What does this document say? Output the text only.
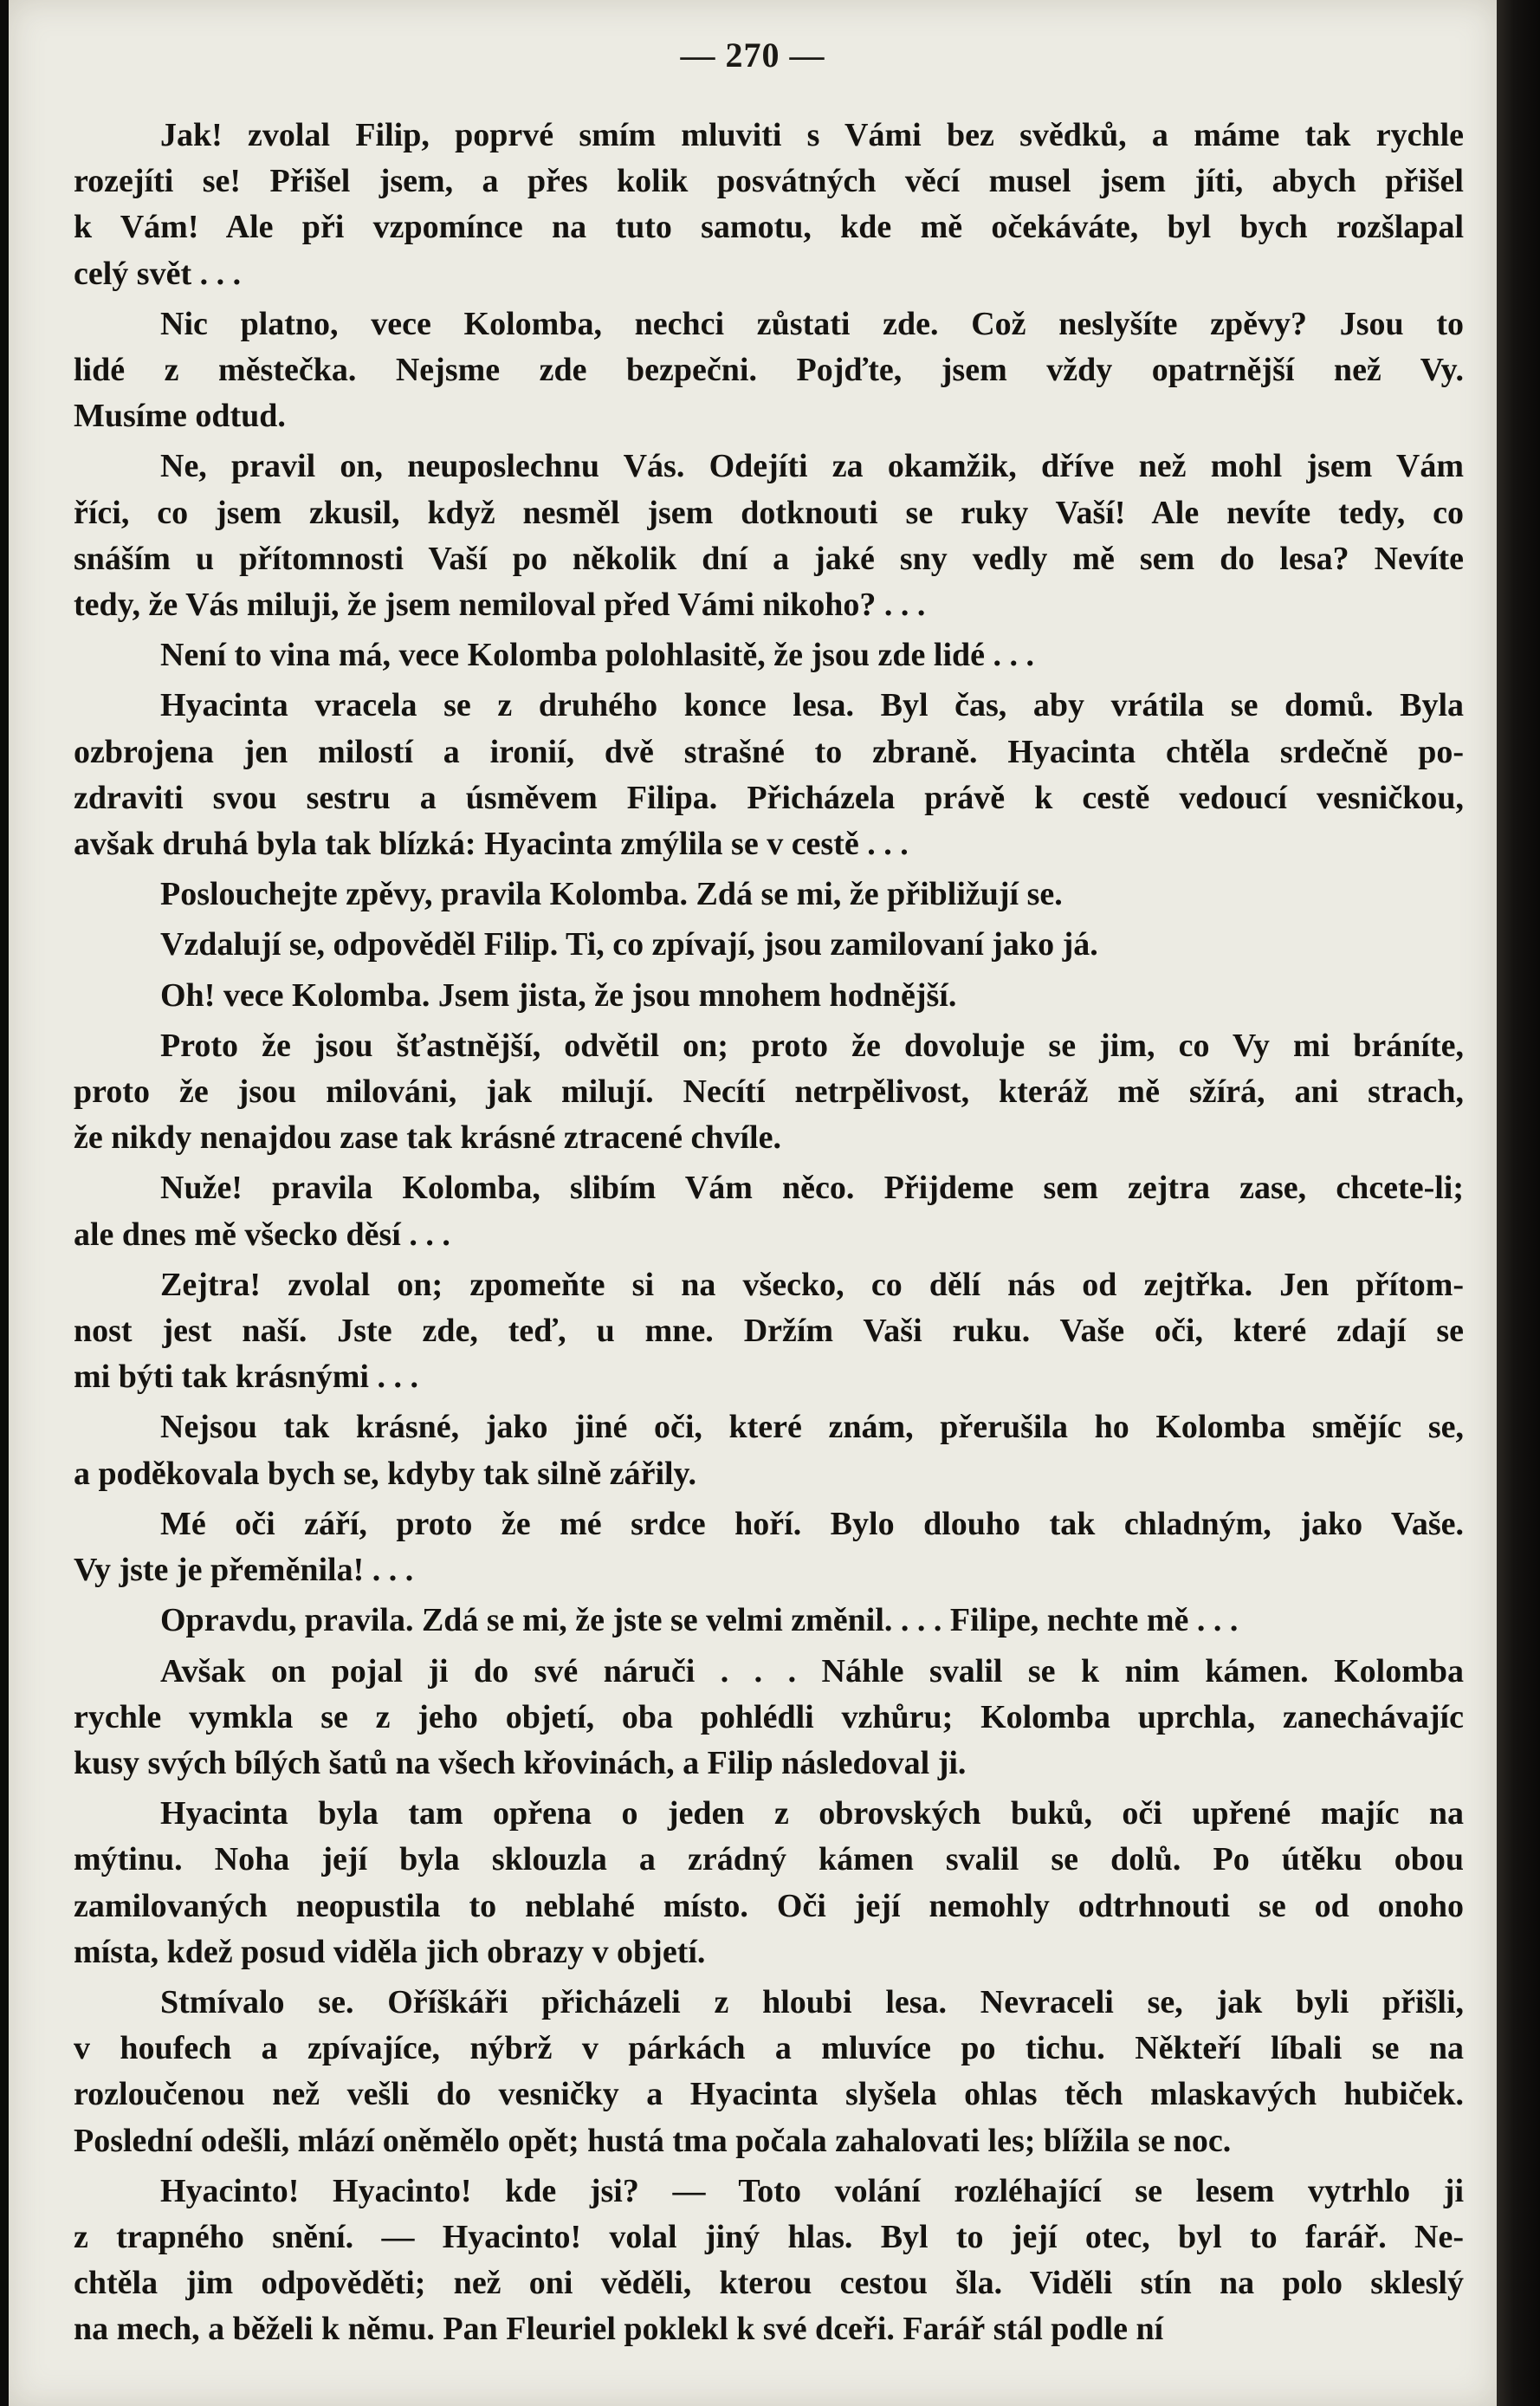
— 270 —
Jak! zvolal Filip, poprvé smím mluviti s Vámi bez svědků, a máme tak rychle
rozejíti se! Přišel jsem, a přes kolik posvátných věcí musel jsem jíti, abych přišel
k Vám! Ale při vzpomínce na tuto samotu, kde mě očekáváte, byl bych rozšlapal
celý svět . . .
Nic platno, vece Kolomba, nechci zůstati zde. Což neslyšíte zpěvy? Jsou to
lidé z městečka. Nejsme zde bezpečni. Pojďte, jsem vždy opatrnější než Vy.
Musíme odtud.
Ne, pravil on, neuposlechnu Vás. Odejíti za okamžik, dříve než mohl jsem Vám
říci, co jsem zkusil, když nesměl jsem dotknouti se ruky Vaší! Ale nevíte tedy, co
snáším u přítomnosti Vaší po několik dní a jaké sny vedly mě sem do lesa? Nevíte
tedy, že Vás miluji, že jsem nemiloval před Vámi nikoho? . . .
Není to vina má, vece Kolomba polohlasitě, že jsou zde lidé . . .
Hyacinta vracela se z druhého konce lesa. Byl čas, aby vrátila se domů. Byla
ozbrojena jen milostí a ironií, dvě strašné to zbraně. Hyacinta chtěla srdečně po-
zdraviti svou sestru a úsměvem Filipa. Přicházela právě k cestě vedoucí vesničkou,
avšak druhá byla tak blízká: Hyacinta zmýlila se v cestě . . .
Poslouchejte zpěvy, pravila Kolomba. Zdá se mi, že přibližují se.
Vzdalují se, odpověděl Filip. Ti, co zpívají, jsou zamilovaní jako já.
Oh! vece Kolomba. Jsem jista, že jsou mnohem hodnější.
Proto že jsou šťastnější, odvětil on; proto že dovoluje se jim, co Vy mi bráníte,
proto že jsou milováni, jak milují. Necítí netrpělivost, kteráž mě sžírá, ani strach,
že nikdy nenajdou zase tak krásné ztracené chvíle.
Nuže! pravila Kolomba, slibím Vám něco. Přijdeme sem zejtra zase, chcete-li;
ale dnes mě všecko děsí . . .
Zejtra! zvolal on; zpomeňte si na všecko, co dělí nás od zejtřka. Jen přítom-
nost jest naší. Jste zde, teď, u mne. Držím Vaši ruku. Vaše oči, které zdají se
mi býti tak krásnými . . .
Nejsou tak krásné, jako jiné oči, které znám, přerušila ho Kolomba smějíc se,
a poděkovala bych se, kdyby tak silně zářily.
Mé oči září, proto že mé srdce hoří. Bylo dlouho tak chladným, jako Vaše.
Vy jste je přeměnila! . . .
Opravdu, pravila. Zdá se mi, že jste se velmi změnil. . . . Filipe, nechte mě . . .
Avšak on pojal ji do své náruči . . . Náhle svalil se k nim kámen. Kolomba
rychle vymkla se z jeho objetí, oba pohlédli vzhůru; Kolomba uprchla, zanechávajíc
kusy svých bílých šatů na všech křovinách, a Filip následoval ji.
Hyacinta byla tam opřena o jeden z obrovských buků, oči upřené majíc na
mýtinu. Noha její byla sklouzla a zrádný kámen svalil se dolů. Po útěku obou
zamilovaných neopustila to neblahé místo. Oči její nemohly odtrhnouti se od onoho
místa, kdež posud viděla jich obrazy v objetí.
Stmívalo se. Oříškáři přicházeli z hloubi lesa. Nevraceli se, jak byli přišli,
v houfech a zpívajíce, nýbrž v párkách a mluvíce po tichu. Někteří líbali se na
rozloučenou než vešli do vesničky a Hyacinta slyšela ohlas těch mlaskavých hubiček.
Poslední odešli, mlází oněmělo opět; hustá tma počala zahalovati les; blížila se noc.
Hyacinto! Hyacinto! kde jsi? — Toto volání rozléhající se lesem vytrhlo ji
z trapného snění. — Hyacinto! volal jiný hlas. Byl to její otec, byl to farář. Ne-
chtěla jim odpověděti; než oni věděli, kterou cestou šla. Viděli stín na polo skleslý
na mech, a běželi k němu. Pan Fleuriel poklekl k své dceři. Farář stál podle ní
